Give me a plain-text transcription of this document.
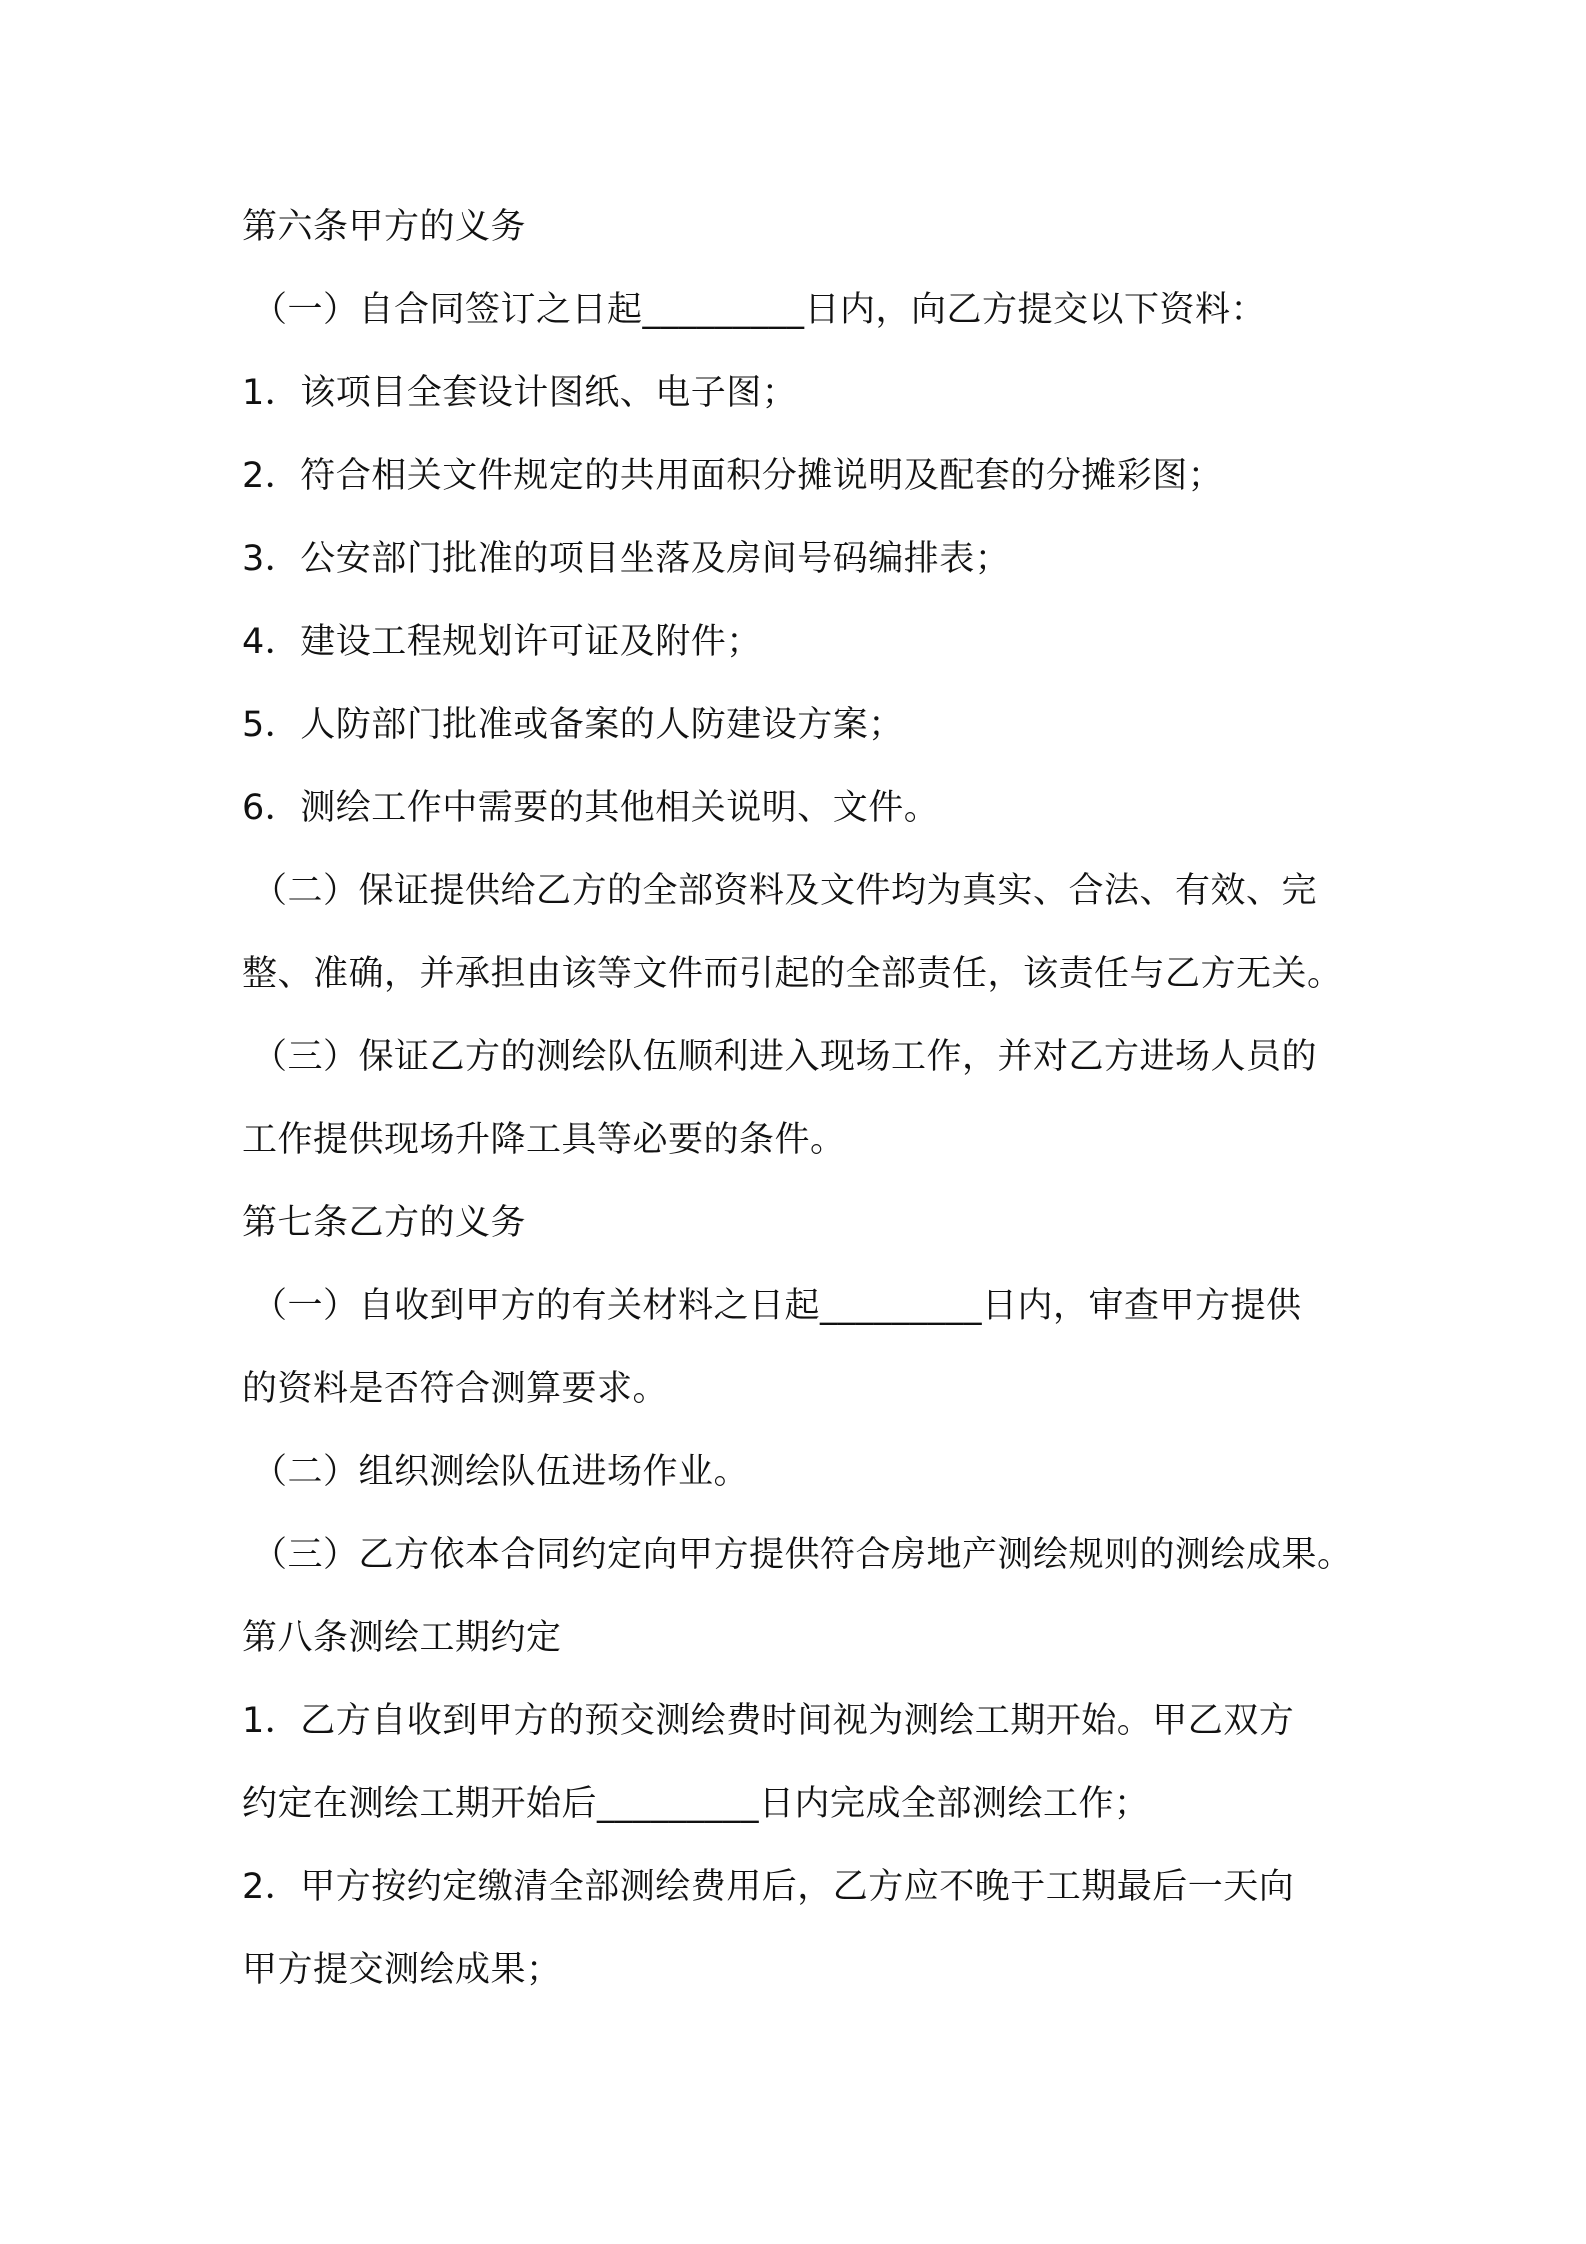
第六条甲方的义务
（一）自合同签订之日起_________日内，向乙方提交以下资料：
1．该项目全套设计图纸、电子图；
2．符合相关文件规定的共用面积分摊说明及配套的分摊彩图；
3．公安部门批准的项目坐落及房间号码编排表；
4．建设工程规划许可证及附件；
5．人防部门批准或备案的人防建设方案；
6．测绘工作中需要的其他相关说明、文件。
（二）保证提供给乙方的全部资料及文件均为真实、合法、有效、完
整、准确，并承担由该等文件而引起的全部责任，该责任与乙方无关。
（三）保证乙方的测绘队伍顺利进入现场工作，并对乙方进场人员的
工作提供现场升降工具等必要的条件。
第七条乙方的义务
（一）自收到甲方的有关材料之日起_________日内，审查甲方提供
的资料是否符合测算要求。
（二）组织测绘队伍进场作业。
（三）乙方依本合同约定向甲方提供符合房地产测绘规则的测绘成果。
第八条测绘工期约定
1．乙方自收到甲方的预交测绘费时间视为测绘工期开始。甲乙双方
约定在测绘工期开始后_________日内完成全部测绘工作；
2．甲方按约定缴清全部测绘费用后，乙方应不晚于工期最后一天向
甲方提交测绘成果；
